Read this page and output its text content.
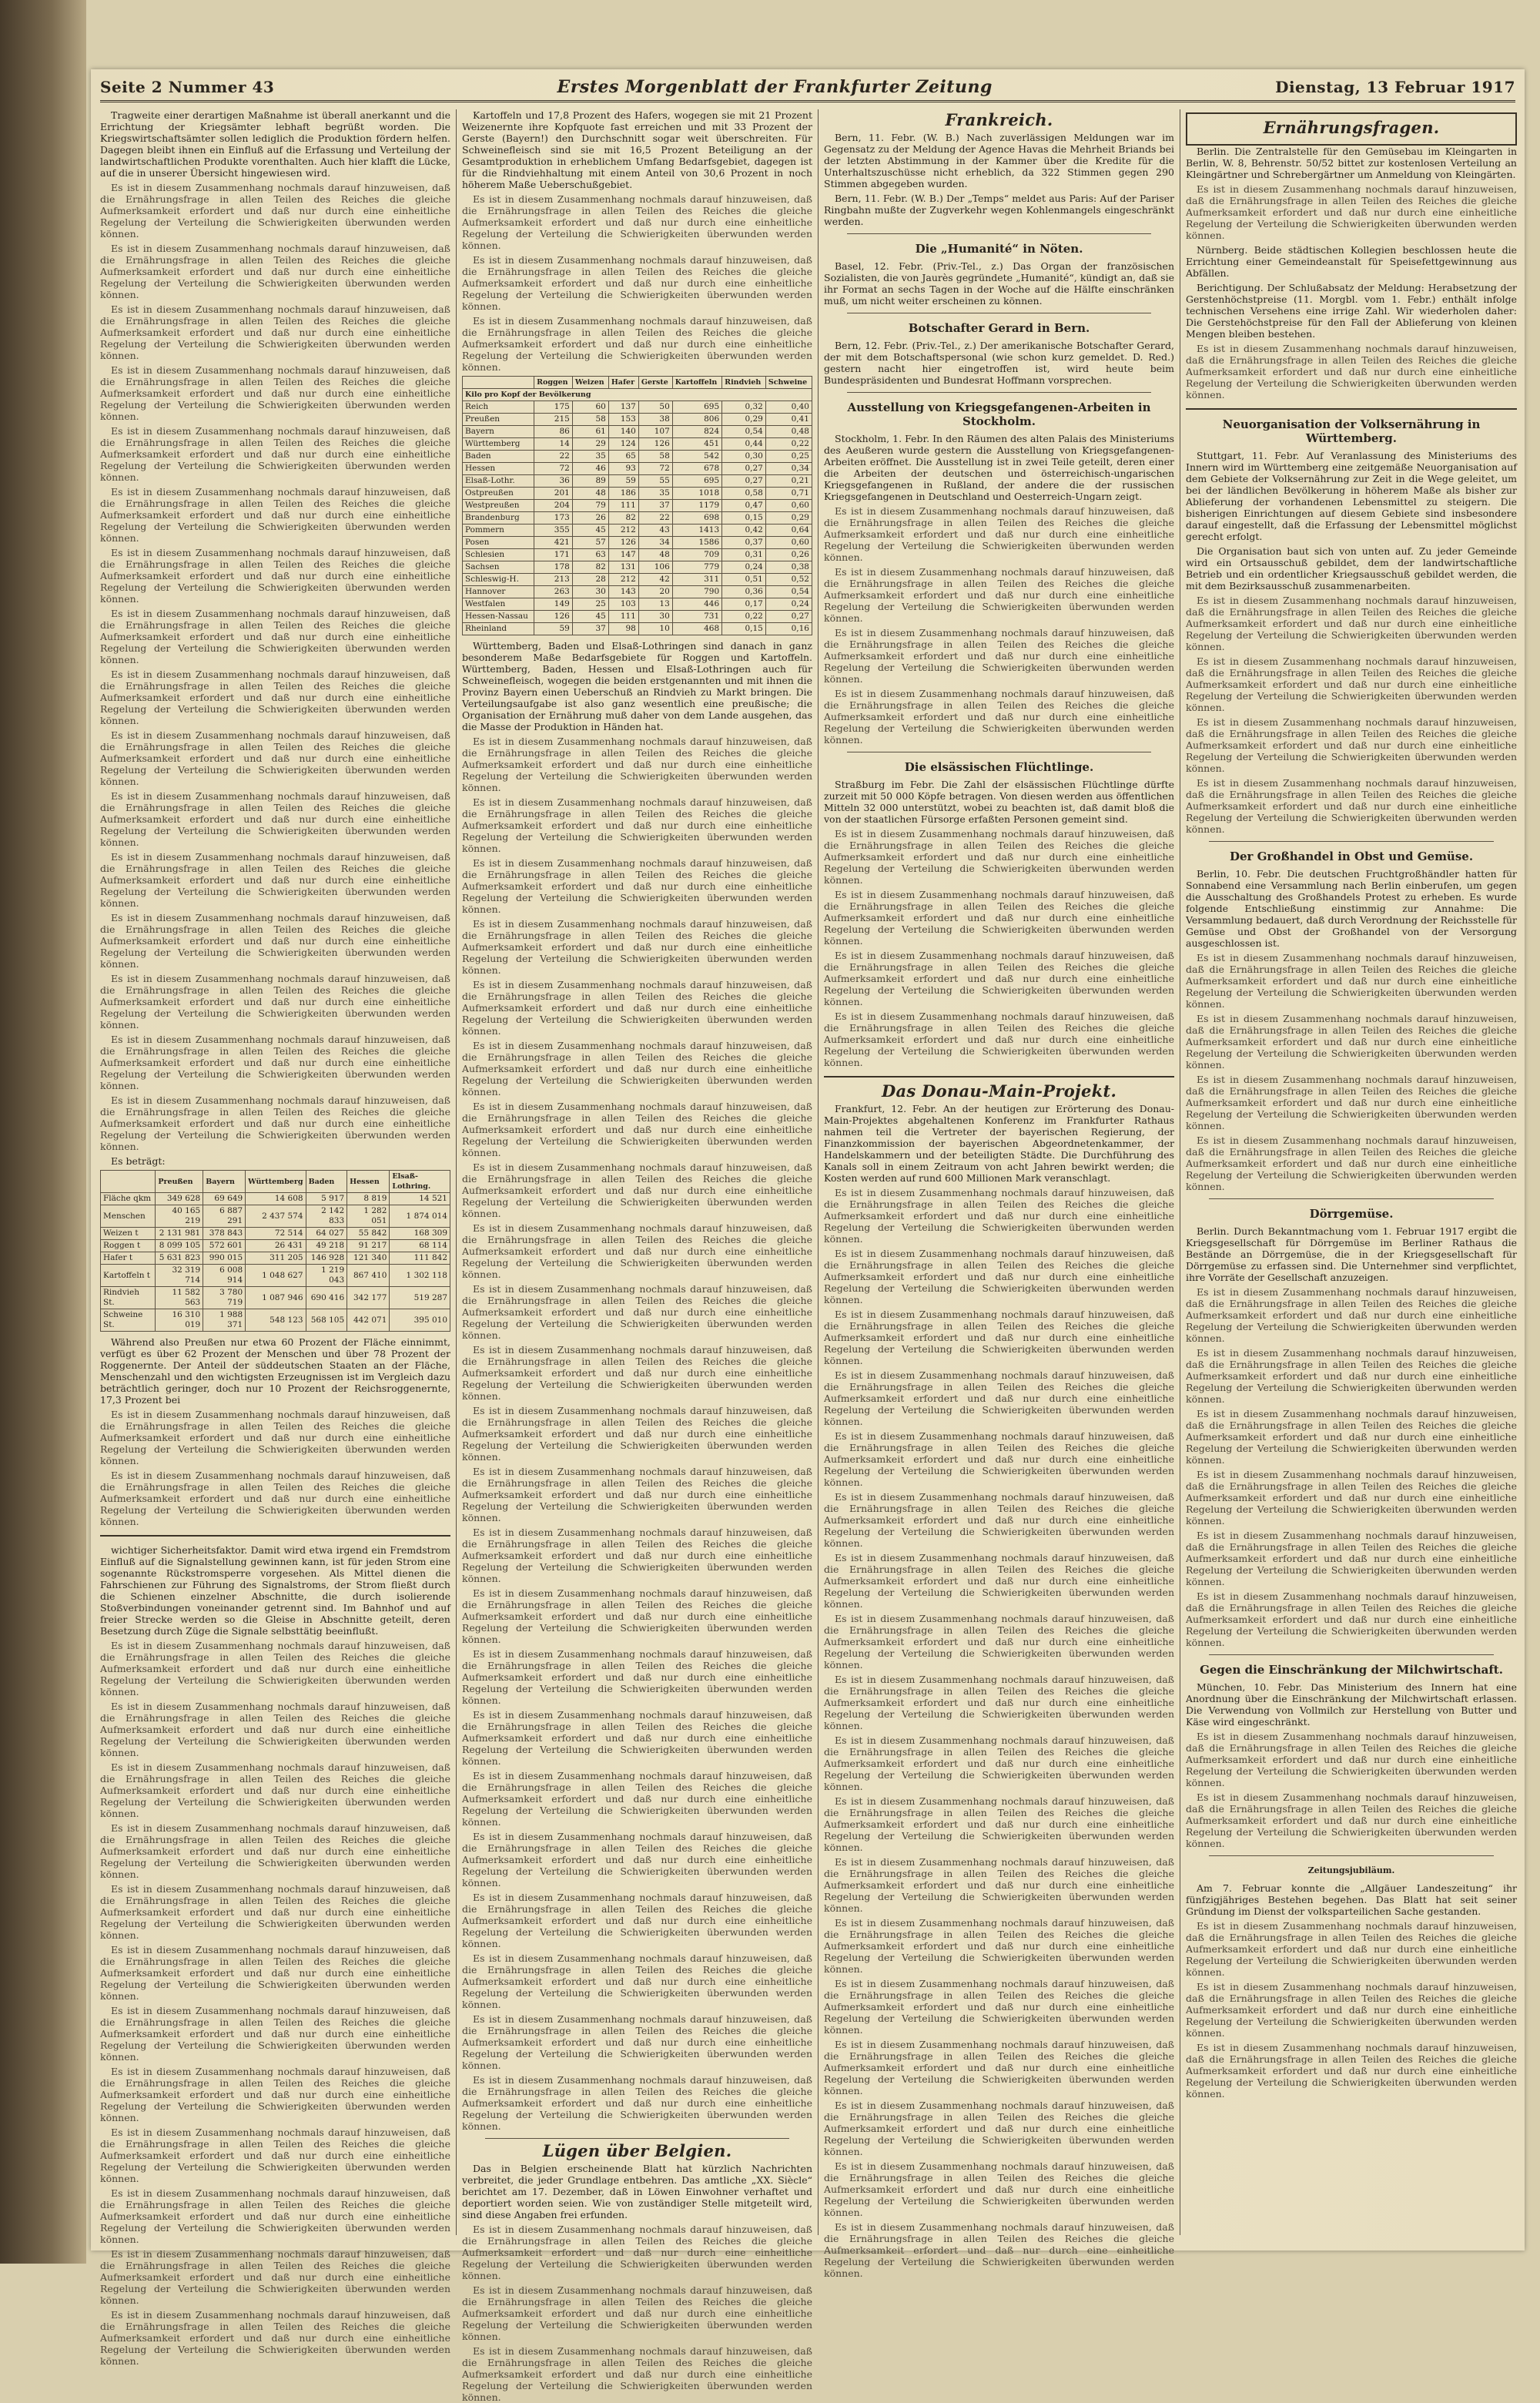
Seite 2 Nummer 43	Erstes Morgenblatt der Frankfurter Zeitung	Dienstag, 13 Februar 1917

Tragweite einer derartigen Maßnahme ist überall anerkannt und die Errichtung der Kriegsämter lebhaft begrüßt worden. Die Kriegswirtschaftsämter sollen lediglich die Produktion fördern helfen. Dagegen bleibt ihnen ein Einfluß auf die Erfassung und Verteilung der landwirtschaftlichen Produkte vorenthalten. Auch hier klafft die Lücke, auf die in unserer Übersicht hingewiesen wird.

Es ist in diesem Zusammenhang nochmals darauf hinzuweisen, daß die Ernährungsfrage in allen Teilen des Reiches die gleiche Aufmerksamkeit erfordert und daß nur durch eine einheitliche Regelung der Verteilung die Schwierigkeiten überwunden werden können.

Es ist in diesem Zusammenhang nochmals darauf hinzuweisen, daß die Ernährungsfrage in allen Teilen des Reiches die gleiche Aufmerksamkeit erfordert und daß nur durch eine einheitliche Regelung der Verteilung die Schwierigkeiten überwunden werden können.

Es ist in diesem Zusammenhang nochmals darauf hinzuweisen, daß die Ernährungsfrage in allen Teilen des Reiches die gleiche Aufmerksamkeit erfordert und daß nur durch eine einheitliche Regelung der Verteilung die Schwierigkeiten überwunden werden können.

Es ist in diesem Zusammenhang nochmals darauf hinzuweisen, daß die Ernährungsfrage in allen Teilen des Reiches die gleiche Aufmerksamkeit erfordert und daß nur durch eine einheitliche Regelung der Verteilung die Schwierigkeiten überwunden werden können.

Es ist in diesem Zusammenhang nochmals darauf hinzuweisen, daß die Ernährungsfrage in allen Teilen des Reiches die gleiche Aufmerksamkeit erfordert und daß nur durch eine einheitliche Regelung der Verteilung die Schwierigkeiten überwunden werden können.

Es ist in diesem Zusammenhang nochmals darauf hinzuweisen, daß die Ernährungsfrage in allen Teilen des Reiches die gleiche Aufmerksamkeit erfordert und daß nur durch eine einheitliche Regelung der Verteilung die Schwierigkeiten überwunden werden können.

Es ist in diesem Zusammenhang nochmals darauf hinzuweisen, daß die Ernährungsfrage in allen Teilen des Reiches die gleiche Aufmerksamkeit erfordert und daß nur durch eine einheitliche Regelung der Verteilung die Schwierigkeiten überwunden werden können.

Es ist in diesem Zusammenhang nochmals darauf hinzuweisen, daß die Ernährungsfrage in allen Teilen des Reiches die gleiche Aufmerksamkeit erfordert und daß nur durch eine einheitliche Regelung der Verteilung die Schwierigkeiten überwunden werden können.

Es ist in diesem Zusammenhang nochmals darauf hinzuweisen, daß die Ernährungsfrage in allen Teilen des Reiches die gleiche Aufmerksamkeit erfordert und daß nur durch eine einheitliche Regelung der Verteilung die Schwierigkeiten überwunden werden können.

Es ist in diesem Zusammenhang nochmals darauf hinzuweisen, daß die Ernährungsfrage in allen Teilen des Reiches die gleiche Aufmerksamkeit erfordert und daß nur durch eine einheitliche Regelung der Verteilung die Schwierigkeiten überwunden werden können.

Es ist in diesem Zusammenhang nochmals darauf hinzuweisen, daß die Ernährungsfrage in allen Teilen des Reiches die gleiche Aufmerksamkeit erfordert und daß nur durch eine einheitliche Regelung der Verteilung die Schwierigkeiten überwunden werden können.

Es ist in diesem Zusammenhang nochmals darauf hinzuweisen, daß die Ernährungsfrage in allen Teilen des Reiches die gleiche Aufmerksamkeit erfordert und daß nur durch eine einheitliche Regelung der Verteilung die Schwierigkeiten überwunden werden können.

Es ist in diesem Zusammenhang nochmals darauf hinzuweisen, daß die Ernährungsfrage in allen Teilen des Reiches die gleiche Aufmerksamkeit erfordert und daß nur durch eine einheitliche Regelung der Verteilung die Schwierigkeiten überwunden werden können.

Es ist in diesem Zusammenhang nochmals darauf hinzuweisen, daß die Ernährungsfrage in allen Teilen des Reiches die gleiche Aufmerksamkeit erfordert und daß nur durch eine einheitliche Regelung der Verteilung die Schwierigkeiten überwunden werden können.

Es ist in diesem Zusammenhang nochmals darauf hinzuweisen, daß die Ernährungsfrage in allen Teilen des Reiches die gleiche Aufmerksamkeit erfordert und daß nur durch eine einheitliche Regelung der Verteilung die Schwierigkeiten überwunden werden können.

Es ist in diesem Zusammenhang nochmals darauf hinzuweisen, daß die Ernährungsfrage in allen Teilen des Reiches die gleiche Aufmerksamkeit erfordert und daß nur durch eine einheitliche Regelung der Verteilung die Schwierigkeiten überwunden werden können.

Es beträgt:

	Preußen	Bayern	Württemberg	Baden	Hessen	Elsaß-Lothring.
Fläche qkm	349 628	69 649	14 608	5 917	8 819	14 521
Menschen	40 165 219	6 887 291	2 437 574	2 142 833	1 282 051	1 874 014
Weizen t	2 131 981	378 843	72 514	64 027	55 842	168 309
Roggen t	8 099 105	572 601	26 431	49 218	91 217	68 114
Hafer t	5 631 823	990 015	311 205	146 928	121 340	111 842
Kartoffeln t	32 319 714	6 008 914	1 048 627	1 219 043	867 410	1 302 118
Rindvieh St.	11 582 563	3 780 719	1 087 946	690 416	342 177	519 287
Schweine St.	16 310 019	1 988 371	548 123	568 105	442 071	395 010

Während also Preußen nur etwa 60 Prozent der Fläche einnimmt, verfügt es über 62 Prozent der Menschen und über 78 Prozent der Roggenernte. Der Anteil der süddeutschen Staaten an der Fläche, Menschenzahl und den wichtigsten Erzeugnissen ist im Vergleich dazu beträchtlich geringer, doch nur 10 Prozent der Reichsroggenernte, 17,3 Prozent bei

Es ist in diesem Zusammenhang nochmals darauf hinzuweisen, daß die Ernährungsfrage in allen Teilen des Reiches die gleiche Aufmerksamkeit erfordert und daß nur durch eine einheitliche Regelung der Verteilung die Schwierigkeiten überwunden werden können.

Es ist in diesem Zusammenhang nochmals darauf hinzuweisen, daß die Ernährungsfrage in allen Teilen des Reiches die gleiche Aufmerksamkeit erfordert und daß nur durch eine einheitliche Regelung der Verteilung die Schwierigkeiten überwunden werden können.

wichtiger Sicherheitsfaktor. Damit wird etwa irgend ein Fremdstrom Einfluß auf die Signalstellung gewinnen kann, ist für jeden Strom eine sogenannte Rückstromsperre vorgesehen. Als Mittel dienen die Fahrschienen zur Führung des Signalstroms, der Strom fließt durch die Schienen einzelner Abschnitte, die durch isolierende Stoßverbindungen voneinander getrennt sind. Im Bahnhof und auf freier Strecke werden so die Gleise in Abschnitte geteilt, deren Besetzung durch Züge die Signale selbsttätig beeinflußt.

Es ist in diesem Zusammenhang nochmals darauf hinzuweisen, daß die Ernährungsfrage in allen Teilen des Reiches die gleiche Aufmerksamkeit erfordert und daß nur durch eine einheitliche Regelung der Verteilung die Schwierigkeiten überwunden werden können.

Es ist in diesem Zusammenhang nochmals darauf hinzuweisen, daß die Ernährungsfrage in allen Teilen des Reiches die gleiche Aufmerksamkeit erfordert und daß nur durch eine einheitliche Regelung der Verteilung die Schwierigkeiten überwunden werden können.

Es ist in diesem Zusammenhang nochmals darauf hinzuweisen, daß die Ernährungsfrage in allen Teilen des Reiches die gleiche Aufmerksamkeit erfordert und daß nur durch eine einheitliche Regelung der Verteilung die Schwierigkeiten überwunden werden können.

Es ist in diesem Zusammenhang nochmals darauf hinzuweisen, daß die Ernährungsfrage in allen Teilen des Reiches die gleiche Aufmerksamkeit erfordert und daß nur durch eine einheitliche Regelung der Verteilung die Schwierigkeiten überwunden werden können.

Es ist in diesem Zusammenhang nochmals darauf hinzuweisen, daß die Ernährungsfrage in allen Teilen des Reiches die gleiche Aufmerksamkeit erfordert und daß nur durch eine einheitliche Regelung der Verteilung die Schwierigkeiten überwunden werden können.

Es ist in diesem Zusammenhang nochmals darauf hinzuweisen, daß die Ernährungsfrage in allen Teilen des Reiches die gleiche Aufmerksamkeit erfordert und daß nur durch eine einheitliche Regelung der Verteilung die Schwierigkeiten überwunden werden können.

Es ist in diesem Zusammenhang nochmals darauf hinzuweisen, daß die Ernährungsfrage in allen Teilen des Reiches die gleiche Aufmerksamkeit erfordert und daß nur durch eine einheitliche Regelung der Verteilung die Schwierigkeiten überwunden werden können.

Es ist in diesem Zusammenhang nochmals darauf hinzuweisen, daß die Ernährungsfrage in allen Teilen des Reiches die gleiche Aufmerksamkeit erfordert und daß nur durch eine einheitliche Regelung der Verteilung die Schwierigkeiten überwunden werden können.

Es ist in diesem Zusammenhang nochmals darauf hinzuweisen, daß die Ernährungsfrage in allen Teilen des Reiches die gleiche Aufmerksamkeit erfordert und daß nur durch eine einheitliche Regelung der Verteilung die Schwierigkeiten überwunden werden können.

Es ist in diesem Zusammenhang nochmals darauf hinzuweisen, daß die Ernährungsfrage in allen Teilen des Reiches die gleiche Aufmerksamkeit erfordert und daß nur durch eine einheitliche Regelung der Verteilung die Schwierigkeiten überwunden werden können.

Es ist in diesem Zusammenhang nochmals darauf hinzuweisen, daß die Ernährungsfrage in allen Teilen des Reiches die gleiche Aufmerksamkeit erfordert und daß nur durch eine einheitliche Regelung der Verteilung die Schwierigkeiten überwunden werden können.

Es ist in diesem Zusammenhang nochmals darauf hinzuweisen, daß die Ernährungsfrage in allen Teilen des Reiches die gleiche Aufmerksamkeit erfordert und daß nur durch eine einheitliche Regelung der Verteilung die Schwierigkeiten überwunden werden können.

Kartoffeln und 17,8 Prozent des Hafers, wogegen sie mit 21 Prozent Weizenernte ihre Kopfquote fast erreichen und mit 33 Prozent der Gerste (Bayern!) den Durchschnitt sogar weit überschreiten. Für Schweinefleisch sind sie mit 16,5 Prozent Beteiligung an der Gesamtproduktion in erheblichem Umfang Bedarfsgebiet, dagegen ist für die Rindviehhaltung mit einem Anteil von 30,6 Prozent in noch höherem Maße Ueberschußgebiet.

Es ist in diesem Zusammenhang nochmals darauf hinzuweisen, daß die Ernährungsfrage in allen Teilen des Reiches die gleiche Aufmerksamkeit erfordert und daß nur durch eine einheitliche Regelung der Verteilung die Schwierigkeiten überwunden werden können.

Es ist in diesem Zusammenhang nochmals darauf hinzuweisen, daß die Ernährungsfrage in allen Teilen des Reiches die gleiche Aufmerksamkeit erfordert und daß nur durch eine einheitliche Regelung der Verteilung die Schwierigkeiten überwunden werden können.

Es ist in diesem Zusammenhang nochmals darauf hinzuweisen, daß die Ernährungsfrage in allen Teilen des Reiches die gleiche Aufmerksamkeit erfordert und daß nur durch eine einheitliche Regelung der Verteilung die Schwierigkeiten überwunden werden können.

	Roggen	Weizen	Hafer	Gerste	Kartoffeln	Rindvieh	Schweine
Kilo pro Kopf der Bevölkerung							
Reich	175	60	137	50	695	0,32	0,40
Preußen	215	58	153	38	806	0,29	0,41
Bayern	86	61	140	107	824	0,54	0,48
Württemberg	14	29	124	126	451	0,44	0,22
Baden	22	35	65	58	542	0,30	0,25
Hessen	72	46	93	72	678	0,27	0,34
Elsaß-Lothr.	36	89	59	55	695	0,27	0,21
Ostpreußen	201	48	186	35	1018	0,58	0,71
Westpreußen	204	79	111	37	1179	0,47	0,60
Brandenburg	173	26	82	22	698	0,15	0,29
Pommern	355	45	212	43	1413	0,42	0,64
Posen	421	57	126	34	1586	0,37	0,60
Schlesien	171	63	147	48	709	0,31	0,26
Sachsen	178	82	131	106	779	0,24	0,38
Schleswig-H.	213	28	212	42	311	0,51	0,52
Hannover	263	30	143	20	790	0,36	0,54
Westfalen	149	25	103	13	446	0,17	0,24
Hessen-Nassau	126	45	111	30	731	0,22	0,27
Rheinland	59	37	98	10	468	0,15	0,16

Württemberg, Baden und Elsaß-Lothringen sind danach in ganz besonderem Maße Bedarfsgebiete für Roggen und Kartoffeln. Württemberg, Baden, Hessen und Elsaß-Lothringen auch für Schweinefleisch, wogegen die beiden erstgenannten und mit ihnen die Provinz Bayern einen Ueberschuß an Rindvieh zu Markt bringen. Die Verteilungsaufgabe ist also ganz wesentlich eine preußische; die Organisation der Ernährung muß daher von dem Lande ausgehen, das die Masse der Produktion in Händen hat.

Es ist in diesem Zusammenhang nochmals darauf hinzuweisen, daß die Ernährungsfrage in allen Teilen des Reiches die gleiche Aufmerksamkeit erfordert und daß nur durch eine einheitliche Regelung der Verteilung die Schwierigkeiten überwunden werden können.

Es ist in diesem Zusammenhang nochmals darauf hinzuweisen, daß die Ernährungsfrage in allen Teilen des Reiches die gleiche Aufmerksamkeit erfordert und daß nur durch eine einheitliche Regelung der Verteilung die Schwierigkeiten überwunden werden können.

Es ist in diesem Zusammenhang nochmals darauf hinzuweisen, daß die Ernährungsfrage in allen Teilen des Reiches die gleiche Aufmerksamkeit erfordert und daß nur durch eine einheitliche Regelung der Verteilung die Schwierigkeiten überwunden werden können.

Es ist in diesem Zusammenhang nochmals darauf hinzuweisen, daß die Ernährungsfrage in allen Teilen des Reiches die gleiche Aufmerksamkeit erfordert und daß nur durch eine einheitliche Regelung der Verteilung die Schwierigkeiten überwunden werden können.

Es ist in diesem Zusammenhang nochmals darauf hinzuweisen, daß die Ernährungsfrage in allen Teilen des Reiches die gleiche Aufmerksamkeit erfordert und daß nur durch eine einheitliche Regelung der Verteilung die Schwierigkeiten überwunden werden können.

Es ist in diesem Zusammenhang nochmals darauf hinzuweisen, daß die Ernährungsfrage in allen Teilen des Reiches die gleiche Aufmerksamkeit erfordert und daß nur durch eine einheitliche Regelung der Verteilung die Schwierigkeiten überwunden werden können.

Es ist in diesem Zusammenhang nochmals darauf hinzuweisen, daß die Ernährungsfrage in allen Teilen des Reiches die gleiche Aufmerksamkeit erfordert und daß nur durch eine einheitliche Regelung der Verteilung die Schwierigkeiten überwunden werden können.

Es ist in diesem Zusammenhang nochmals darauf hinzuweisen, daß die Ernährungsfrage in allen Teilen des Reiches die gleiche Aufmerksamkeit erfordert und daß nur durch eine einheitliche Regelung der Verteilung die Schwierigkeiten überwunden werden können.

Es ist in diesem Zusammenhang nochmals darauf hinzuweisen, daß die Ernährungsfrage in allen Teilen des Reiches die gleiche Aufmerksamkeit erfordert und daß nur durch eine einheitliche Regelung der Verteilung die Schwierigkeiten überwunden werden können.

Es ist in diesem Zusammenhang nochmals darauf hinzuweisen, daß die Ernährungsfrage in allen Teilen des Reiches die gleiche Aufmerksamkeit erfordert und daß nur durch eine einheitliche Regelung der Verteilung die Schwierigkeiten überwunden werden können.

Es ist in diesem Zusammenhang nochmals darauf hinzuweisen, daß die Ernährungsfrage in allen Teilen des Reiches die gleiche Aufmerksamkeit erfordert und daß nur durch eine einheitliche Regelung der Verteilung die Schwierigkeiten überwunden werden können.

Es ist in diesem Zusammenhang nochmals darauf hinzuweisen, daß die Ernährungsfrage in allen Teilen des Reiches die gleiche Aufmerksamkeit erfordert und daß nur durch eine einheitliche Regelung der Verteilung die Schwierigkeiten überwunden werden können.

Es ist in diesem Zusammenhang nochmals darauf hinzuweisen, daß die Ernährungsfrage in allen Teilen des Reiches die gleiche Aufmerksamkeit erfordert und daß nur durch eine einheitliche Regelung der Verteilung die Schwierigkeiten überwunden werden können.

Es ist in diesem Zusammenhang nochmals darauf hinzuweisen, daß die Ernährungsfrage in allen Teilen des Reiches die gleiche Aufmerksamkeit erfordert und daß nur durch eine einheitliche Regelung der Verteilung die Schwierigkeiten überwunden werden können.

Es ist in diesem Zusammenhang nochmals darauf hinzuweisen, daß die Ernährungsfrage in allen Teilen des Reiches die gleiche Aufmerksamkeit erfordert und daß nur durch eine einheitliche Regelung der Verteilung die Schwierigkeiten überwunden werden können.

Es ist in diesem Zusammenhang nochmals darauf hinzuweisen, daß die Ernährungsfrage in allen Teilen des Reiches die gleiche Aufmerksamkeit erfordert und daß nur durch eine einheitliche Regelung der Verteilung die Schwierigkeiten überwunden werden können.

Es ist in diesem Zusammenhang nochmals darauf hinzuweisen, daß die Ernährungsfrage in allen Teilen des Reiches die gleiche Aufmerksamkeit erfordert und daß nur durch eine einheitliche Regelung der Verteilung die Schwierigkeiten überwunden werden können.

Es ist in diesem Zusammenhang nochmals darauf hinzuweisen, daß die Ernährungsfrage in allen Teilen des Reiches die gleiche Aufmerksamkeit erfordert und daß nur durch eine einheitliche Regelung der Verteilung die Schwierigkeiten überwunden werden können.

Es ist in diesem Zusammenhang nochmals darauf hinzuweisen, daß die Ernährungsfrage in allen Teilen des Reiches die gleiche Aufmerksamkeit erfordert und daß nur durch eine einheitliche Regelung der Verteilung die Schwierigkeiten überwunden werden können.

Es ist in diesem Zusammenhang nochmals darauf hinzuweisen, daß die Ernährungsfrage in allen Teilen des Reiches die gleiche Aufmerksamkeit erfordert und daß nur durch eine einheitliche Regelung der Verteilung die Schwierigkeiten überwunden werden können.

Es ist in diesem Zusammenhang nochmals darauf hinzuweisen, daß die Ernährungsfrage in allen Teilen des Reiches die gleiche Aufmerksamkeit erfordert und daß nur durch eine einheitliche Regelung der Verteilung die Schwierigkeiten überwunden werden können.

Es ist in diesem Zusammenhang nochmals darauf hinzuweisen, daß die Ernährungsfrage in allen Teilen des Reiches die gleiche Aufmerksamkeit erfordert und daß nur durch eine einheitliche Regelung der Verteilung die Schwierigkeiten überwunden werden können.

Es ist in diesem Zusammenhang nochmals darauf hinzuweisen, daß die Ernährungsfrage in allen Teilen des Reiches die gleiche Aufmerksamkeit erfordert und daß nur durch eine einheitliche Regelung der Verteilung die Schwierigkeiten überwunden werden können.

Lügen über Belgien.

Das in Belgien erscheinende Blatt hat kürzlich Nachrichten verbreitet, die jeder Grundlage entbehren. Das amtliche „XX. Siècle“ berichtet am 17. Dezember, daß in Löwen Einwohner verhaftet und deportiert worden seien. Wie von zuständiger Stelle mitgeteilt wird, sind diese Angaben frei erfunden.

Es ist in diesem Zusammenhang nochmals darauf hinzuweisen, daß die Ernährungsfrage in allen Teilen des Reiches die gleiche Aufmerksamkeit erfordert und daß nur durch eine einheitliche Regelung der Verteilung die Schwierigkeiten überwunden werden können.

Es ist in diesem Zusammenhang nochmals darauf hinzuweisen, daß die Ernährungsfrage in allen Teilen des Reiches die gleiche Aufmerksamkeit erfordert und daß nur durch eine einheitliche Regelung der Verteilung die Schwierigkeiten überwunden werden können.

Es ist in diesem Zusammenhang nochmals darauf hinzuweisen, daß die Ernährungsfrage in allen Teilen des Reiches die gleiche Aufmerksamkeit erfordert und daß nur durch eine einheitliche Regelung der Verteilung die Schwierigkeiten überwunden werden können.

Frankreich.

Bern, 11. Febr. (W. B.) Nach zuverlässigen Meldungen war im Gegensatz zu der Meldung der Agence Havas die Mehrheit Briands bei der letzten Abstimmung in der Kammer über die Kredite für die Unterhaltszuschüsse nicht erheblich, da 322 Stimmen gegen 290 Stimmen abgegeben wurden.

Bern, 11. Febr. (W. B.) Der „Temps“ meldet aus Paris: Auf der Pariser Ringbahn mußte der Zugverkehr wegen Kohlenmangels eingeschränkt werden.

Die „Humanité“ in Nöten.

Basel, 12. Febr. (Priv.-Tel., z.) Das Organ der französischen Sozialisten, die von Jaurès gegründete „Humanité“, kündigt an, daß sie ihr Format an sechs Tagen in der Woche auf die Hälfte einschränken muß, um nicht weiter erscheinen zu können.

Botschafter Gerard in Bern.

Bern, 12. Febr. (Priv.-Tel., z.) Der amerikanische Botschafter Gerard, der mit dem Botschaftspersonal (wie schon kurz gemeldet. D. Red.) gestern nacht hier eingetroffen ist, wird heute beim Bundespräsidenten und Bundesrat Hoffmann vorsprechen.

Ausstellung von Kriegsgefangenen-Arbeiten in Stockholm.

Stockholm, 1. Febr. In den Räumen des alten Palais des Ministeriums des Aeußeren wurde gestern die Ausstellung von Kriegsgefangenen-Arbeiten eröffnet. Die Ausstellung ist in zwei Teile geteilt, deren einer die Arbeiten der deutschen und österreichisch-ungarischen Kriegsgefangenen in Rußland, der andere die der russischen Kriegsgefangenen in Deutschland und Oesterreich-Ungarn zeigt.

Es ist in diesem Zusammenhang nochmals darauf hinzuweisen, daß die Ernährungsfrage in allen Teilen des Reiches die gleiche Aufmerksamkeit erfordert und daß nur durch eine einheitliche Regelung der Verteilung die Schwierigkeiten überwunden werden können.

Es ist in diesem Zusammenhang nochmals darauf hinzuweisen, daß die Ernährungsfrage in allen Teilen des Reiches die gleiche Aufmerksamkeit erfordert und daß nur durch eine einheitliche Regelung der Verteilung die Schwierigkeiten überwunden werden können.

Es ist in diesem Zusammenhang nochmals darauf hinzuweisen, daß die Ernährungsfrage in allen Teilen des Reiches die gleiche Aufmerksamkeit erfordert und daß nur durch eine einheitliche Regelung der Verteilung die Schwierigkeiten überwunden werden können.

Es ist in diesem Zusammenhang nochmals darauf hinzuweisen, daß die Ernährungsfrage in allen Teilen des Reiches die gleiche Aufmerksamkeit erfordert und daß nur durch eine einheitliche Regelung der Verteilung die Schwierigkeiten überwunden werden können.

Die elsässischen Flüchtlinge.

Straßburg im Febr. Die Zahl der elsässischen Flüchtlinge dürfte zurzeit mit 50 000 Köpfe betragen. Von diesen werden aus öffentlichen Mitteln 32 000 unterstützt, wobei zu beachten ist, daß damit bloß die von der staatlichen Fürsorge erfaßten Personen gemeint sind.

Es ist in diesem Zusammenhang nochmals darauf hinzuweisen, daß die Ernährungsfrage in allen Teilen des Reiches die gleiche Aufmerksamkeit erfordert und daß nur durch eine einheitliche Regelung der Verteilung die Schwierigkeiten überwunden werden können.

Es ist in diesem Zusammenhang nochmals darauf hinzuweisen, daß die Ernährungsfrage in allen Teilen des Reiches die gleiche Aufmerksamkeit erfordert und daß nur durch eine einheitliche Regelung der Verteilung die Schwierigkeiten überwunden werden können.

Es ist in diesem Zusammenhang nochmals darauf hinzuweisen, daß die Ernährungsfrage in allen Teilen des Reiches die gleiche Aufmerksamkeit erfordert und daß nur durch eine einheitliche Regelung der Verteilung die Schwierigkeiten überwunden werden können.

Es ist in diesem Zusammenhang nochmals darauf hinzuweisen, daß die Ernährungsfrage in allen Teilen des Reiches die gleiche Aufmerksamkeit erfordert und daß nur durch eine einheitliche Regelung der Verteilung die Schwierigkeiten überwunden werden können.

Das Donau-Main-Projekt.

Frankfurt, 12. Febr. An der heutigen zur Erörterung des Donau-Main-Projektes abgehaltenen Konferenz im Frankfurter Rathaus nahmen teil die Vertreter der bayerischen Regierung, der Finanzkommission der bayerischen Abgeordnetenkammer, der Handelskammern und der beteiligten Städte. Die Durchführung des Kanals soll in einem Zeitraum von acht Jahren bewirkt werden; die Kosten werden auf rund 600 Millionen Mark veranschlagt.

Es ist in diesem Zusammenhang nochmals darauf hinzuweisen, daß die Ernährungsfrage in allen Teilen des Reiches die gleiche Aufmerksamkeit erfordert und daß nur durch eine einheitliche Regelung der Verteilung die Schwierigkeiten überwunden werden können.

Es ist in diesem Zusammenhang nochmals darauf hinzuweisen, daß die Ernährungsfrage in allen Teilen des Reiches die gleiche Aufmerksamkeit erfordert und daß nur durch eine einheitliche Regelung der Verteilung die Schwierigkeiten überwunden werden können.

Es ist in diesem Zusammenhang nochmals darauf hinzuweisen, daß die Ernährungsfrage in allen Teilen des Reiches die gleiche Aufmerksamkeit erfordert und daß nur durch eine einheitliche Regelung der Verteilung die Schwierigkeiten überwunden werden können.

Es ist in diesem Zusammenhang nochmals darauf hinzuweisen, daß die Ernährungsfrage in allen Teilen des Reiches die gleiche Aufmerksamkeit erfordert und daß nur durch eine einheitliche Regelung der Verteilung die Schwierigkeiten überwunden werden können.

Es ist in diesem Zusammenhang nochmals darauf hinzuweisen, daß die Ernährungsfrage in allen Teilen des Reiches die gleiche Aufmerksamkeit erfordert und daß nur durch eine einheitliche Regelung der Verteilung die Schwierigkeiten überwunden werden können.

Es ist in diesem Zusammenhang nochmals darauf hinzuweisen, daß die Ernährungsfrage in allen Teilen des Reiches die gleiche Aufmerksamkeit erfordert und daß nur durch eine einheitliche Regelung der Verteilung die Schwierigkeiten überwunden werden können.

Es ist in diesem Zusammenhang nochmals darauf hinzuweisen, daß die Ernährungsfrage in allen Teilen des Reiches die gleiche Aufmerksamkeit erfordert und daß nur durch eine einheitliche Regelung der Verteilung die Schwierigkeiten überwunden werden können.

Es ist in diesem Zusammenhang nochmals darauf hinzuweisen, daß die Ernährungsfrage in allen Teilen des Reiches die gleiche Aufmerksamkeit erfordert und daß nur durch eine einheitliche Regelung der Verteilung die Schwierigkeiten überwunden werden können.

Es ist in diesem Zusammenhang nochmals darauf hinzuweisen, daß die Ernährungsfrage in allen Teilen des Reiches die gleiche Aufmerksamkeit erfordert und daß nur durch eine einheitliche Regelung der Verteilung die Schwierigkeiten überwunden werden können.

Es ist in diesem Zusammenhang nochmals darauf hinzuweisen, daß die Ernährungsfrage in allen Teilen des Reiches die gleiche Aufmerksamkeit erfordert und daß nur durch eine einheitliche Regelung der Verteilung die Schwierigkeiten überwunden werden können.

Es ist in diesem Zusammenhang nochmals darauf hinzuweisen, daß die Ernährungsfrage in allen Teilen des Reiches die gleiche Aufmerksamkeit erfordert und daß nur durch eine einheitliche Regelung der Verteilung die Schwierigkeiten überwunden werden können.

Es ist in diesem Zusammenhang nochmals darauf hinzuweisen, daß die Ernährungsfrage in allen Teilen des Reiches die gleiche Aufmerksamkeit erfordert und daß nur durch eine einheitliche Regelung der Verteilung die Schwierigkeiten überwunden werden können.

Es ist in diesem Zusammenhang nochmals darauf hinzuweisen, daß die Ernährungsfrage in allen Teilen des Reiches die gleiche Aufmerksamkeit erfordert und daß nur durch eine einheitliche Regelung der Verteilung die Schwierigkeiten überwunden werden können.

Es ist in diesem Zusammenhang nochmals darauf hinzuweisen, daß die Ernährungsfrage in allen Teilen des Reiches die gleiche Aufmerksamkeit erfordert und daß nur durch eine einheitliche Regelung der Verteilung die Schwierigkeiten überwunden werden können.

Es ist in diesem Zusammenhang nochmals darauf hinzuweisen, daß die Ernährungsfrage in allen Teilen des Reiches die gleiche Aufmerksamkeit erfordert und daß nur durch eine einheitliche Regelung der Verteilung die Schwierigkeiten überwunden werden können.

Es ist in diesem Zusammenhang nochmals darauf hinzuweisen, daß die Ernährungsfrage in allen Teilen des Reiches die gleiche Aufmerksamkeit erfordert und daß nur durch eine einheitliche Regelung der Verteilung die Schwierigkeiten überwunden werden können.

Es ist in diesem Zusammenhang nochmals darauf hinzuweisen, daß die Ernährungsfrage in allen Teilen des Reiches die gleiche Aufmerksamkeit erfordert und daß nur durch eine einheitliche Regelung der Verteilung die Schwierigkeiten überwunden werden können.

Es ist in diesem Zusammenhang nochmals darauf hinzuweisen, daß die Ernährungsfrage in allen Teilen des Reiches die gleiche Aufmerksamkeit erfordert und daß nur durch eine einheitliche Regelung der Verteilung die Schwierigkeiten überwunden werden können.

Ernährungsfragen.

Berlin. Die Zentralstelle für den Gemüsebau im Kleingarten in Berlin, W. 8, Behrenstr. 50/52 bittet zur kostenlosen Verteilung an Kleingärtner und Schrebergärtner um Anmeldung von Kleingärten.

Es ist in diesem Zusammenhang nochmals darauf hinzuweisen, daß die Ernährungsfrage in allen Teilen des Reiches die gleiche Aufmerksamkeit erfordert und daß nur durch eine einheitliche Regelung der Verteilung die Schwierigkeiten überwunden werden können.

Nürnberg. Beide städtischen Kollegien beschlossen heute die Errichtung einer Gemeindeanstalt für Speisefettgewinnung aus Abfällen.

Berichtigung. Der Schlußabsatz der Meldung: Herabsetzung der Gerstenhöchstpreise (11. Morgbl. vom 1. Febr.) enthält infolge technischen Versehens eine irrige Zahl. Wir wiederholen daher: Die Gerstehöchstpreise für den Fall der Ablieferung von kleinen Mengen bleiben bestehen.

Es ist in diesem Zusammenhang nochmals darauf hinzuweisen, daß die Ernährungsfrage in allen Teilen des Reiches die gleiche Aufmerksamkeit erfordert und daß nur durch eine einheitliche Regelung der Verteilung die Schwierigkeiten überwunden werden können.

Neuorganisation der Volksernährung in Württemberg.

Stuttgart, 11. Febr. Auf Veranlassung des Ministeriums des Innern wird im Württemberg eine zeitgemäße Neuorganisation auf dem Gebiete der Volksernährung zur Zeit in die Wege geleitet, um bei der ländlichen Bevölkerung in höherem Maße als bisher zur Ablieferung der vorhandenen Lebensmittel zu steigern. Die bisherigen Einrichtungen auf diesem Gebiete sind insbesondere darauf eingestellt, daß die Erfassung der Lebensmittel möglichst gerecht erfolgt.

Die Organisation baut sich von unten auf. Zu jeder Gemeinde wird ein Ortsausschuß gebildet, dem der landwirtschaftliche Betrieb und ein ordentlicher Kriegsausschuß gebildet werden, die mit dem Bezirksausschuß zusammenarbeiten.

Es ist in diesem Zusammenhang nochmals darauf hinzuweisen, daß die Ernährungsfrage in allen Teilen des Reiches die gleiche Aufmerksamkeit erfordert und daß nur durch eine einheitliche Regelung der Verteilung die Schwierigkeiten überwunden werden können.

Es ist in diesem Zusammenhang nochmals darauf hinzuweisen, daß die Ernährungsfrage in allen Teilen des Reiches die gleiche Aufmerksamkeit erfordert und daß nur durch eine einheitliche Regelung der Verteilung die Schwierigkeiten überwunden werden können.

Es ist in diesem Zusammenhang nochmals darauf hinzuweisen, daß die Ernährungsfrage in allen Teilen des Reiches die gleiche Aufmerksamkeit erfordert und daß nur durch eine einheitliche Regelung der Verteilung die Schwierigkeiten überwunden werden können.

Es ist in diesem Zusammenhang nochmals darauf hinzuweisen, daß die Ernährungsfrage in allen Teilen des Reiches die gleiche Aufmerksamkeit erfordert und daß nur durch eine einheitliche Regelung der Verteilung die Schwierigkeiten überwunden werden können.

Der Großhandel in Obst und Gemüse.

Berlin, 10. Febr. Die deutschen Fruchtgroßhändler hatten für Sonnabend eine Versammlung nach Berlin einberufen, um gegen die Ausschaltung des Großhandels Protest zu erheben. Es wurde folgende Entschließung einstimmig zur Annahme: Die Versammlung bedauert, daß durch Verordnung der Reichsstelle für Gemüse und Obst der Großhandel von der Versorgung ausgeschlossen ist.

Es ist in diesem Zusammenhang nochmals darauf hinzuweisen, daß die Ernährungsfrage in allen Teilen des Reiches die gleiche Aufmerksamkeit erfordert und daß nur durch eine einheitliche Regelung der Verteilung die Schwierigkeiten überwunden werden können.

Es ist in diesem Zusammenhang nochmals darauf hinzuweisen, daß die Ernährungsfrage in allen Teilen des Reiches die gleiche Aufmerksamkeit erfordert und daß nur durch eine einheitliche Regelung der Verteilung die Schwierigkeiten überwunden werden können.

Es ist in diesem Zusammenhang nochmals darauf hinzuweisen, daß die Ernährungsfrage in allen Teilen des Reiches die gleiche Aufmerksamkeit erfordert und daß nur durch eine einheitliche Regelung der Verteilung die Schwierigkeiten überwunden werden können.

Es ist in diesem Zusammenhang nochmals darauf hinzuweisen, daß die Ernährungsfrage in allen Teilen des Reiches die gleiche Aufmerksamkeit erfordert und daß nur durch eine einheitliche Regelung der Verteilung die Schwierigkeiten überwunden werden können.

Dörrgemüse.

Berlin. Durch Bekanntmachung vom 1. Februar 1917 ergibt die Kriegsgesellschaft für Dörrgemüse im Berliner Rathaus die Bestände an Dörrgemüse, die in der Kriegsgesellschaft für Dörrgemüse zu erfassen sind. Die Unternehmer sind verpflichtet, ihre Vorräte der Gesellschaft anzuzeigen.

Es ist in diesem Zusammenhang nochmals darauf hinzuweisen, daß die Ernährungsfrage in allen Teilen des Reiches die gleiche Aufmerksamkeit erfordert und daß nur durch eine einheitliche Regelung der Verteilung die Schwierigkeiten überwunden werden können.

Es ist in diesem Zusammenhang nochmals darauf hinzuweisen, daß die Ernährungsfrage in allen Teilen des Reiches die gleiche Aufmerksamkeit erfordert und daß nur durch eine einheitliche Regelung der Verteilung die Schwierigkeiten überwunden werden können.

Es ist in diesem Zusammenhang nochmals darauf hinzuweisen, daß die Ernährungsfrage in allen Teilen des Reiches die gleiche Aufmerksamkeit erfordert und daß nur durch eine einheitliche Regelung der Verteilung die Schwierigkeiten überwunden werden können.

Es ist in diesem Zusammenhang nochmals darauf hinzuweisen, daß die Ernährungsfrage in allen Teilen des Reiches die gleiche Aufmerksamkeit erfordert und daß nur durch eine einheitliche Regelung der Verteilung die Schwierigkeiten überwunden werden können.

Es ist in diesem Zusammenhang nochmals darauf hinzuweisen, daß die Ernährungsfrage in allen Teilen des Reiches die gleiche Aufmerksamkeit erfordert und daß nur durch eine einheitliche Regelung der Verteilung die Schwierigkeiten überwunden werden können.

Es ist in diesem Zusammenhang nochmals darauf hinzuweisen, daß die Ernährungsfrage in allen Teilen des Reiches die gleiche Aufmerksamkeit erfordert und daß nur durch eine einheitliche Regelung der Verteilung die Schwierigkeiten überwunden werden können.

Gegen die Einschränkung der Milchwirtschaft.

München, 10. Febr. Das Ministerium des Innern hat eine Anordnung über die Einschränkung der Milchwirtschaft erlassen. Die Verwendung von Vollmilch zur Herstellung von Butter und Käse wird eingeschränkt.

Es ist in diesem Zusammenhang nochmals darauf hinzuweisen, daß die Ernährungsfrage in allen Teilen des Reiches die gleiche Aufmerksamkeit erfordert und daß nur durch eine einheitliche Regelung der Verteilung die Schwierigkeiten überwunden werden können.

Es ist in diesem Zusammenhang nochmals darauf hinzuweisen, daß die Ernährungsfrage in allen Teilen des Reiches die gleiche Aufmerksamkeit erfordert und daß nur durch eine einheitliche Regelung der Verteilung die Schwierigkeiten überwunden werden können.

Zeitungsjubiläum.

Am 7. Februar konnte die „Allgäuer Landeszeitung“ ihr fünfzigjähriges Bestehen begehen. Das Blatt hat seit seiner Gründung im Dienst der volksparteilichen Sache gestanden.

Es ist in diesem Zusammenhang nochmals darauf hinzuweisen, daß die Ernährungsfrage in allen Teilen des Reiches die gleiche Aufmerksamkeit erfordert und daß nur durch eine einheitliche Regelung der Verteilung die Schwierigkeiten überwunden werden können.

Es ist in diesem Zusammenhang nochmals darauf hinzuweisen, daß die Ernährungsfrage in allen Teilen des Reiches die gleiche Aufmerksamkeit erfordert und daß nur durch eine einheitliche Regelung der Verteilung die Schwierigkeiten überwunden werden können.

Es ist in diesem Zusammenhang nochmals darauf hinzuweisen, daß die Ernährungsfrage in allen Teilen des Reiches die gleiche Aufmerksamkeit erfordert und daß nur durch eine einheitliche Regelung der Verteilung die Schwierigkeiten überwunden werden können.
